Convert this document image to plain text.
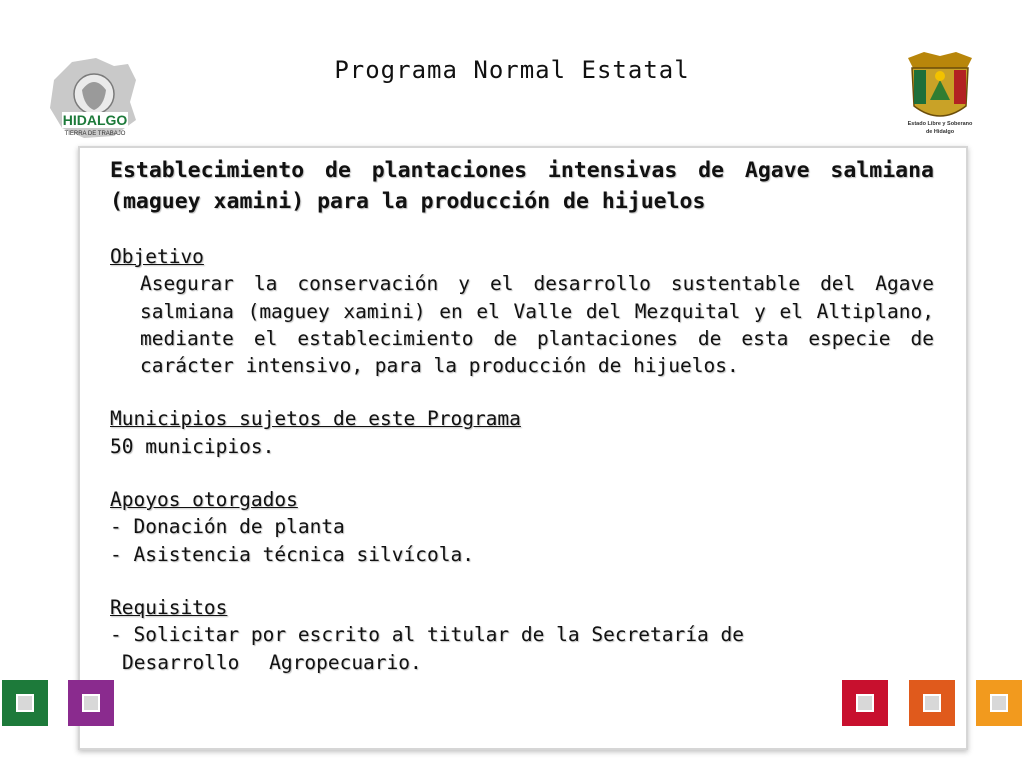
Programa Normal Estatal
HIDALGO
TIERRA DE TRABAJO
Estado Libre y Soberano
de Hidalgo
Establecimiento de plantaciones intensivas de Agave salmiana (maguey xamini) para la producción de hijuelos
Objetivo
Asegurar la conservación y el desarrollo sustentable del Agave salmiana (maguey xamini) en el Valle del Mezquital y el Altiplano, mediante el establecimiento de plantaciones de esta especie de carácter intensivo, para la producción de hijuelos.
Municipios sujetos de este Programa
50 municipios.
Apoyos otorgados
- Donación de planta
- Asistencia técnica silvícola.
Requisitos
- Solicitar por escrito al titular de la Secretaría de
Desarrollo Agropecuario.
